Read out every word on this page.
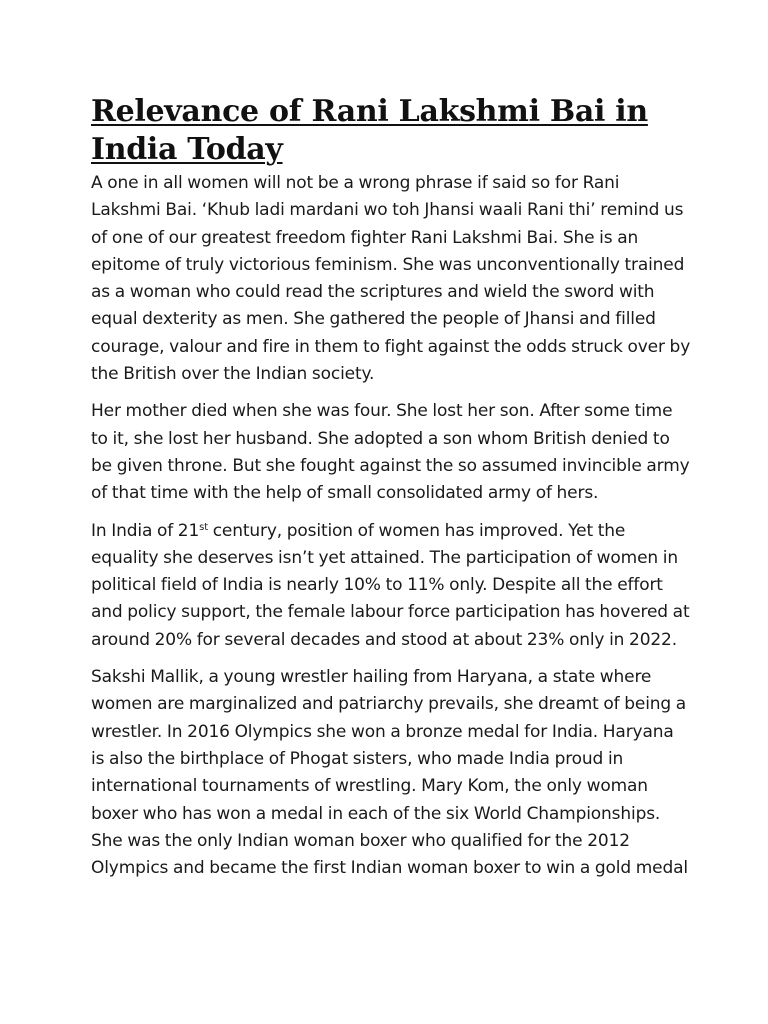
Relevance of Rani Lakshmi Bai in India Today

A one in all women will not be a wrong phrase if said so for Rani Lakshmi Bai. ‘Khub ladi mardani wo toh Jhansi waali Rani thi’ remind us of one of our greatest freedom fighter Rani Lakshmi Bai. She is an epitome of truly victorious feminism. She was unconventionally trained as a woman who could read the scriptures and wield the sword with equal dexterity as men. She gathered the people of Jhansi and filled courage, valour and fire in them to fight against the odds struck over by the British over the Indian society.

Her mother died when she was four. She lost her son. After some time to it, she lost her husband. She adopted a son whom British denied to be given throne. But she fought against the so assumed invincible army of that time with the help of small consolidated army of hers.

In India of 21st century, position of women has improved. Yet the equality she deserves isn’t yet attained. The participation of women in political field of India is nearly 10% to 11% only. Despite all the effort and policy support, the female labour force participation has hovered at around 20% for several decades and stood at about 23% only in 2022.

Sakshi Mallik, a young wrestler hailing from Haryana, a state where women are marginalized and patriarchy prevails, she dreamt of being a wrestler. In 2016 Olympics she won a bronze medal for India. Haryana is also the birthplace of Phogat sisters, who made India proud in international tournaments of wrestling. Mary Kom, the only woman boxer who has won a medal in each of the six World Championships. She was the only Indian woman boxer who qualified for the 2012 Olympics and became the first Indian woman boxer to win a gold medal
